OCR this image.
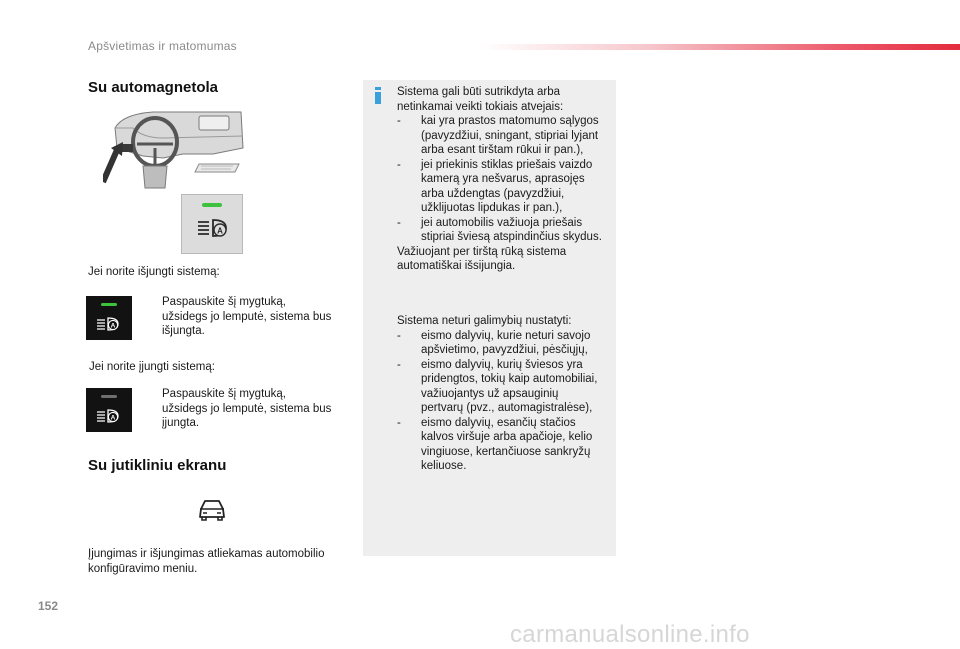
Apšvietimas ir matomumas
Su automagnetola
A
Jei norite išjungti sistemą:
A
Paspauskite šį mygtuką,
užsidegs jo lemputė, sistema bus
išjungta.
Jei norite įjungti sistemą:
A
Paspauskite šį mygtuką,
užsidegs jo lemputė, sistema bus
įjungta.
Su jutikliniu ekranu
Įjungimas ir išjungimas atliekamas automobilio
konfigūravimo meniu.
Sistema gali būti sutrikdyta arba
netinkamai veikti tokiais atvejais:
- kai yra prastos matomumo sąlygos
(pavyzdžiui, sningant, stipriai lyjant
arba esant tirštam rūkui ir pan.),
- jei priekinis stiklas priešais vaizdo
kamerą yra nešvarus, aprasojęs
arba uždengtas (pavyzdžiui,
užklijuotas lipdukas ir pan.),
- jei automobilis važiuoja priešais
stipriai šviesą atspindinčius skydus.
Važiuojant per tirštą rūką sistema
automatiškai išsijungia.
Sistema neturi galimybių nustatyti:
- eismo dalyvių, kurie neturi savojo
apšvietimo, pavyzdžiui, pėsčiųjų,
- eismo dalyvių, kurių šviesos yra
pridengtos, tokių kaip automobiliai,
važiuojantys už apsauginių
pertvarų (pvz., automagistralėse),
- eismo dalyvių, esančių stačios
kalvos viršuje arba apačioje, kelio
vingiuose, kertančiuose sankryžų
keliuose.
152
carmanualsonline.info
